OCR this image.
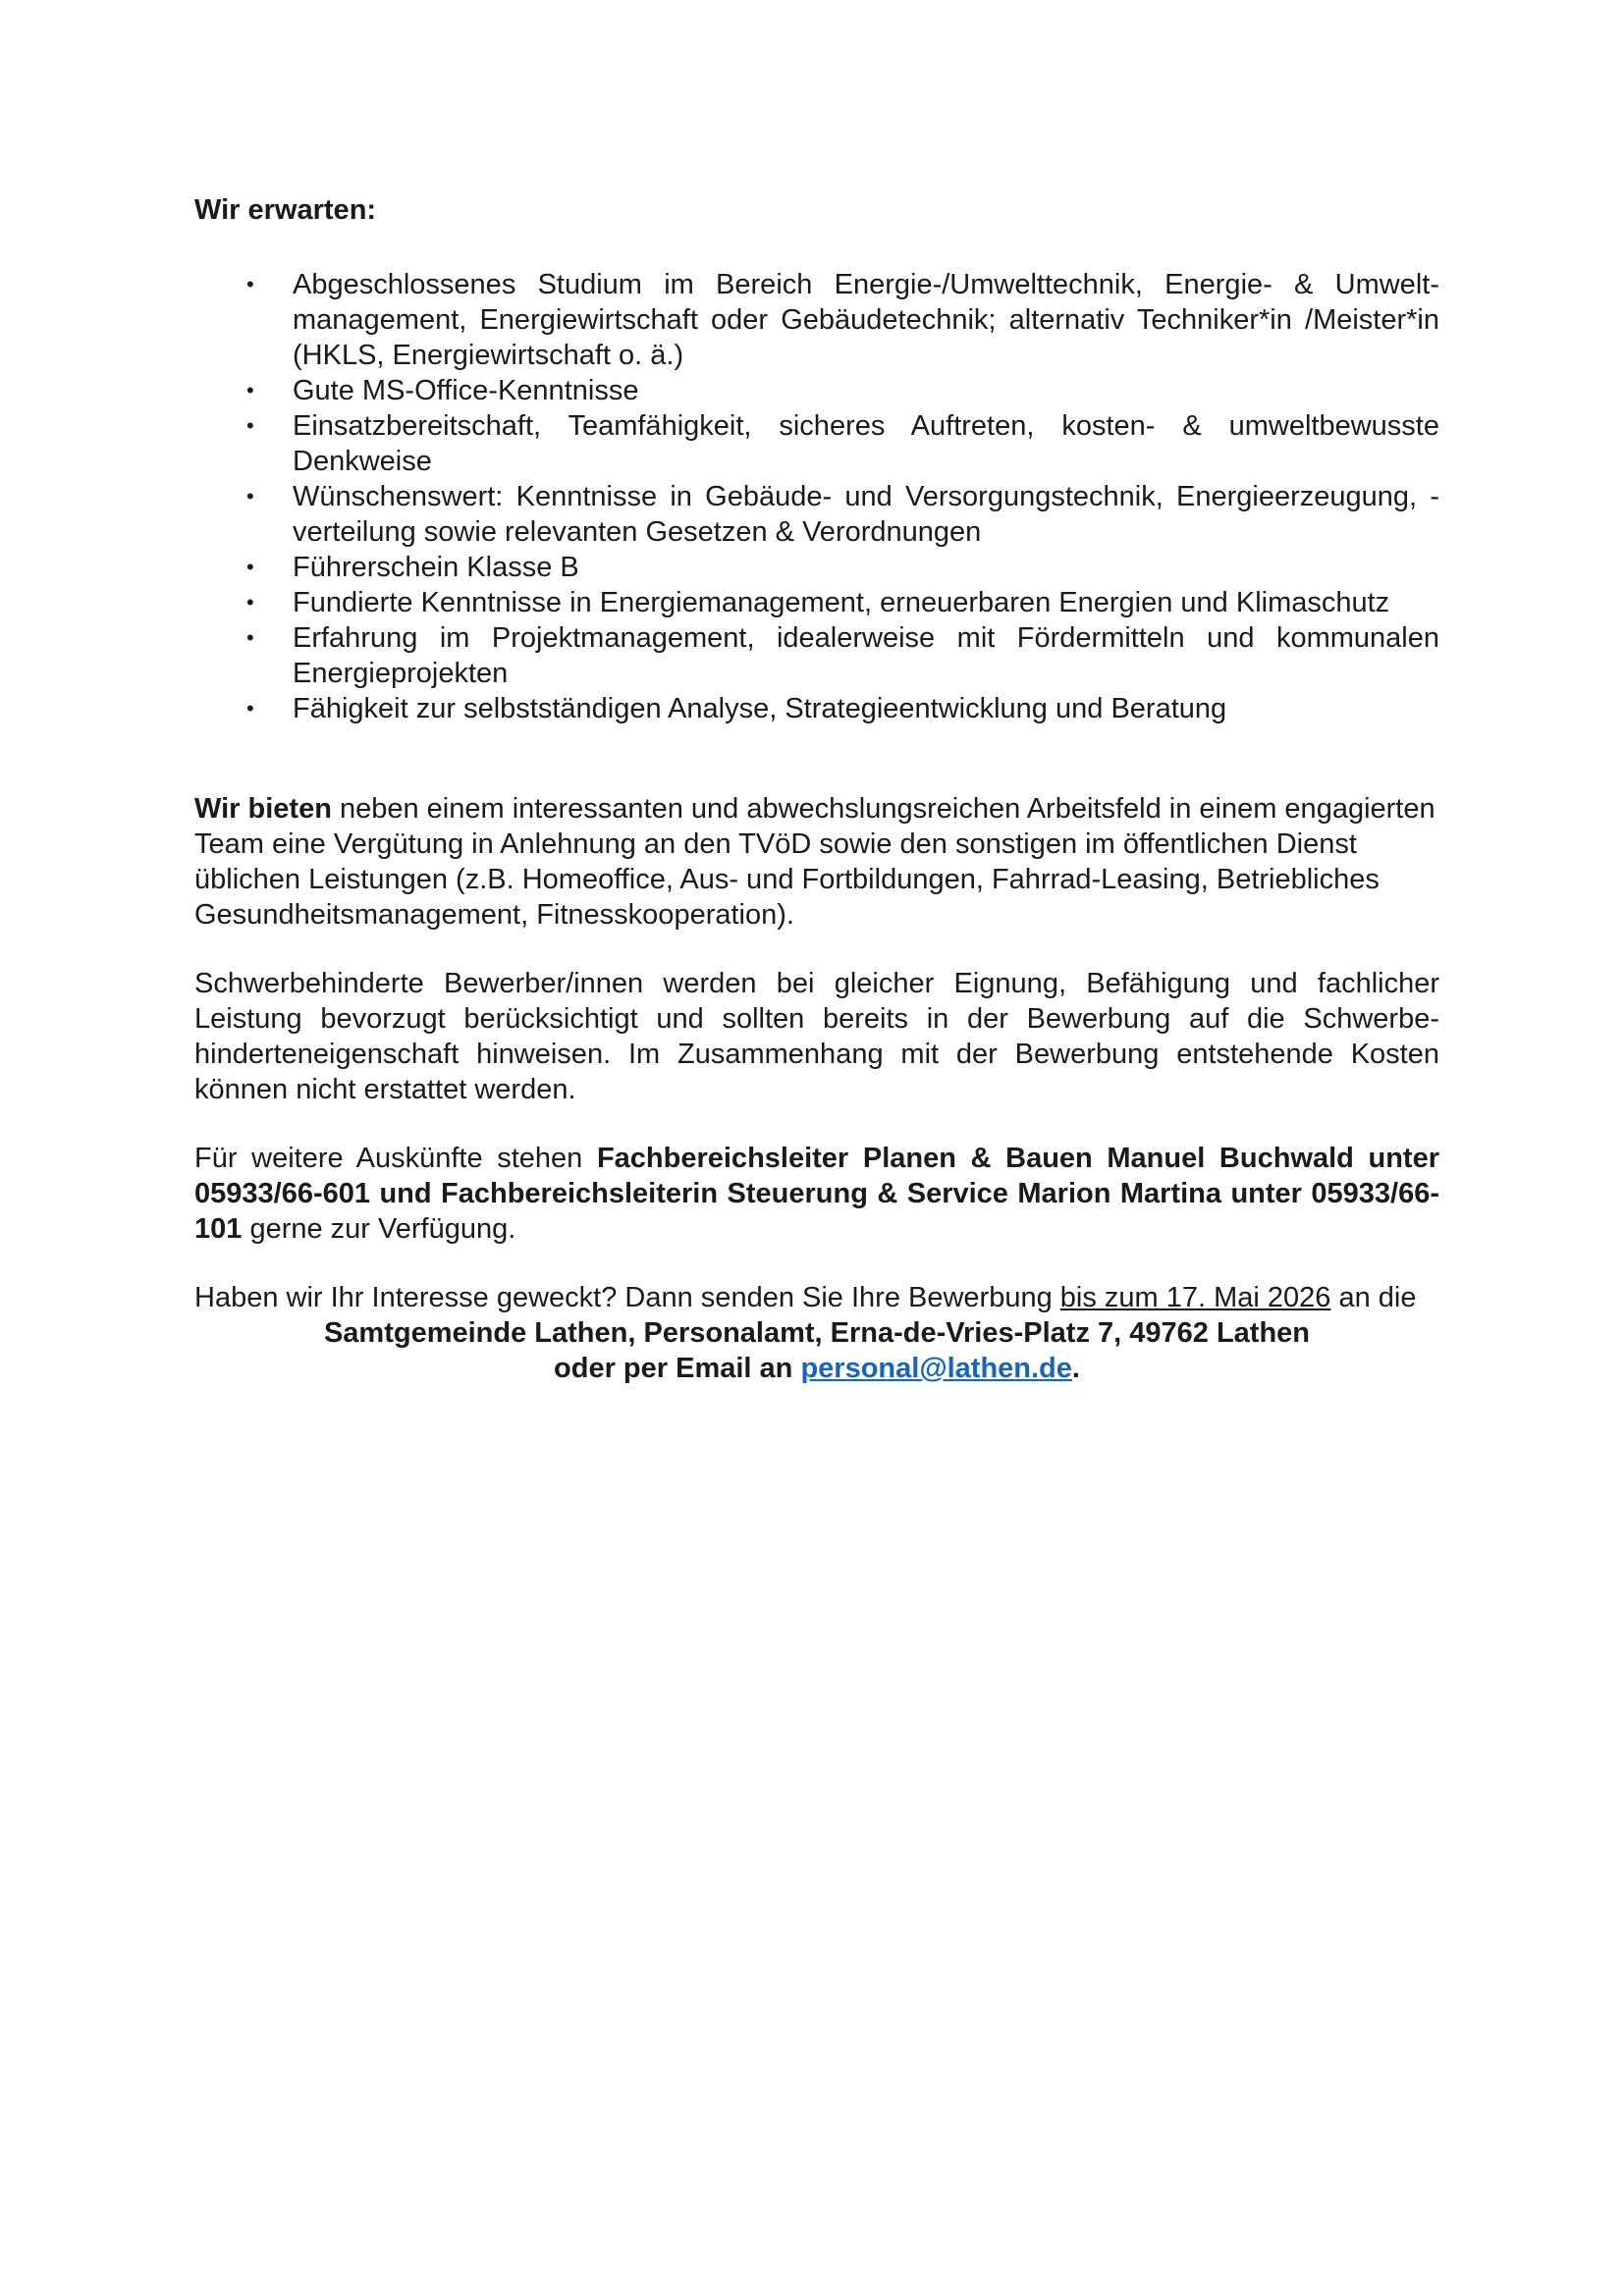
Wir erwarten:

• Abgeschlossenes Studium im Bereich Energie-/Umwelttechnik, Energie- & Umweltmanagement, Energiewirtschaft oder Gebäudetechnik; alternativ Techniker*in /Meister*in (HKLS, Energiewirtschaft o. ä.)
• Gute MS-Office-Kenntnisse
• Einsatzbereitschaft, Teamfähigkeit, sicheres Auftreten, kosten- & umweltbewusste Denkweise
• Wünschenswert: Kenntnisse in Gebäude- und Versorgungstechnik, Energieerzeugung, -verteilung sowie relevanten Gesetzen & Verordnungen
• Führerschein Klasse B
• Fundierte Kenntnisse in Energiemanagement, erneuerbaren Energien und Klimaschutz
• Erfahrung im Projektmanagement, idealerweise mit Fördermitteln und kommunalen Energieprojekten
• Fähigkeit zur selbstständigen Analyse, Strategieentwicklung und Beratung

Wir bieten neben einem interessanten und abwechslungsreichen Arbeitsfeld in einem engagierten Team eine Vergütung in Anlehnung an den TVöD sowie den sonstigen im öffentlichen Dienst üblichen Leistungen (z.B. Homeoffice, Aus- und Fortbildungen, Fahrrad-Leasing, Betriebliches Gesundheitsmanagement, Fitnesskooperation).

Schwerbehinderte Bewerber/innen werden bei gleicher Eignung, Befähigung und fachlicher Leistung bevorzugt berücksichtigt und sollten bereits in der Bewerbung auf die Schwerbehinderteneigenschaft hinweisen. Im Zusammenhang mit der Bewerbung entstehende Kosten können nicht erstattet werden.

Für weitere Auskünfte stehen Fachbereichsleiter Planen & Bauen Manuel Buchwald unter 05933/66-601 und Fachbereichsleiterin Steuerung & Service Marion Martina unter 05933/66-101 gerne zur Verfügung.

Haben wir Ihr Interesse geweckt? Dann senden Sie Ihre Bewerbung bis zum 17. Mai 2026 an die

Samtgemeinde Lathen, Personalamt, Erna-de-Vries-Platz 7, 49762 Lathen

oder per Email an personal@lathen.de.
